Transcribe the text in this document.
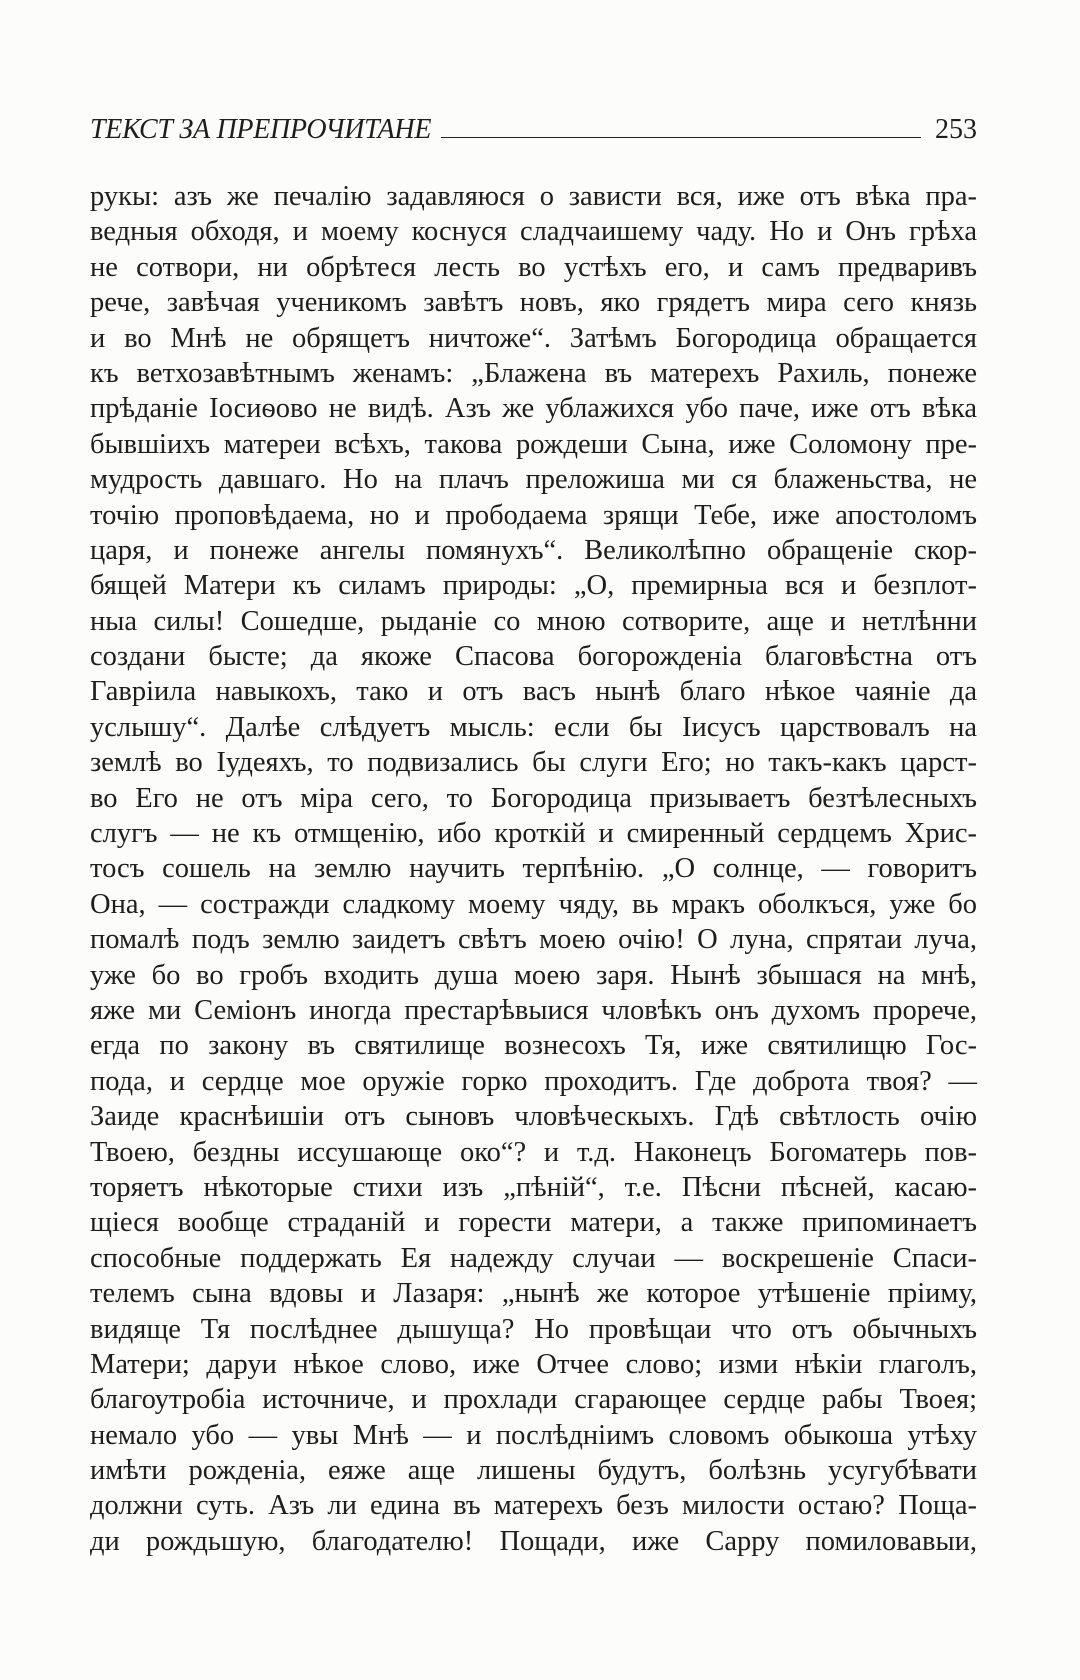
ТЕКСТ ЗА ПРЕПРОЧИТАНЕ	253
рукы: азъ же печалію задавляюся о зависти вся, иже отъ вѣка пра-
ведныя обходя, и моему коснуся сладчаишему чаду. Но и Онъ грѣха
не сотвори, ни обрѣтеся лесть во устѣхъ его, и самъ предваривъ
рече, завѣчая ученикомъ завѣтъ новъ, яко грядетъ мира сего князь
и во Мнѣ не обрящетъ ничтоже“. Затѣмъ Богородица обращается
къ ветхозавѣтнымъ женамъ: „Блажена въ матерехъ Рахиль, понеже
прѣданіе Іосиѳово не видѣ. Азъ же ублажихся убо паче, иже отъ вѣка
бывшіихъ матереи всѣхъ, такова рождеши Сына, иже Соломону пре-
мудрость давшаго. Но на плачъ преложиша ми ся блаженьства, не
точію проповѣдаема, но и прободаема зрящи Тебе, иже апостоломъ
царя, и понеже ангелы помянухъ“. Великолѣпно обращеніе скор-
бящей Матери къ силамъ природы: „О, премирныа вся и безплот-
ныа силы! Сошедше, рыданіе со мною сотворите, аще и нетлѣнни
создани бысте; да якоже Спасова богорожденіа благовѣстна отъ
Гавріила навыкохъ, тако и отъ васъ нынѣ благо нѣкое чаяніе да
услышу“. Далѣе слѣдуетъ мысль: если бы Іисусъ царствовалъ на
землѣ во Іудеяхъ, то подвизались бы слуги Его; но такъ-какъ царст-
во Его не отъ міра сего, то Богородица призываетъ безтѣлесныхъ
слугъ — не къ отмщенію, ибо кроткій и смиренный сердцемъ Хрис-
тосъ сошель на землю научить терпѣнію. „О солнце, — говоритъ
Она, — состражди сладкому моему чяду, вь мракъ оболкъся, уже бо
помалѣ подъ землю заидетъ свѣтъ моею очію! О луна, спрятаи луча,
уже бо во гробъ входить душа моею заря. Нынѣ збышася на мнѣ,
яже ми Семіонъ иногда престарѣвыися чловѣкъ онъ духомъ прорече,
егда по закону въ святилище вознесохъ Тя, иже святилищю Гос-
пода, и сердце мое оружіе горко проходитъ. Где доброта твоя? —
Заиде краснѣишіи отъ сыновъ чловѣческыхъ. Гдѣ свѣтлость очію
Твоею, бездны иссушающе око“? и т.д. Наконецъ Богоматерь пов-
торяетъ нѣкоторые стихи изъ „пѣній“, т.е. Пѣсни пѣсней, касаю-
щіеся вообще страданій и горести матери, а также припоминаетъ
способные поддержать Ея надежду случаи — воскрешеніе Спаси-
телемъ сына вдовы и Лазаря: „нынѣ же которое утѣшеніе пріиму,
видяще Тя послѣднее дышуща? Но провѣщаи что отъ обычныхъ
Матери; даруи нѣкое слово, иже Отчее слово; изми нѣкіи глаголъ,
благоутробіа источниче, и прохлади сгарающее сердце рабы Твоея;
немало убо — увы Мнѣ — и послѣдніимъ словомъ обыкоша утѣху
имѣти рожденіа, еяже аще лишены будутъ, болѣзнь усугубѣвати
должни суть. Азъ ли единa въ матерехъ безъ милости остаю? Поща-
ди рождьшую, благодателю! Пощади, иже Сарру помиловавыи,
